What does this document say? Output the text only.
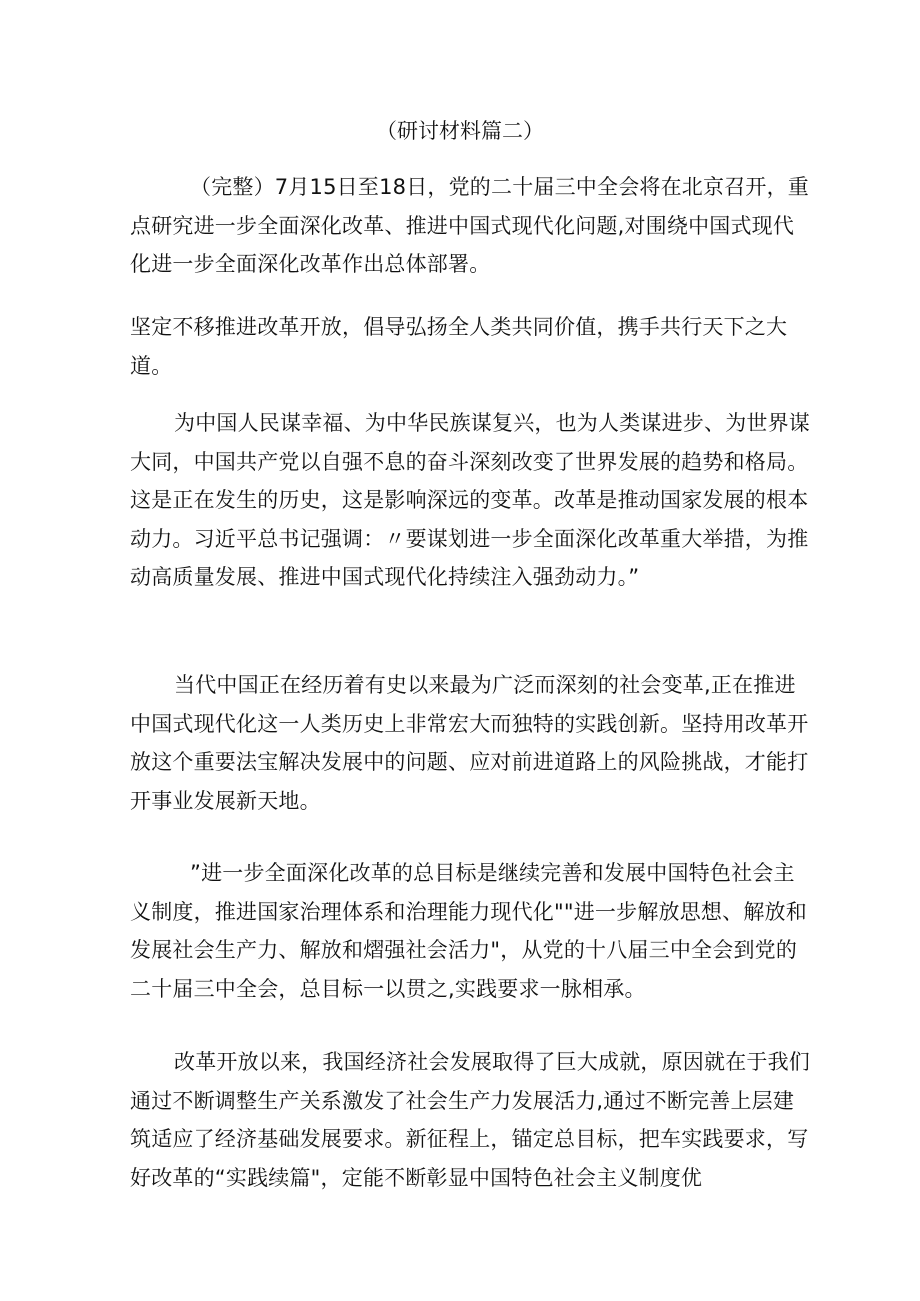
（研讨材料篇二）

（完整）7月15日至18日，党的二十届三中全会将在北京召开，重点研究进一步全面深化改革、推进中国式现代化问题,对围绕中国式现代化进一步全面深化改革作出总体部署。

坚定不移推进改革开放，倡导弘扬全人类共同价值，携手共行天下之大道。

为中国人民谋幸福、为中华民族谋复兴，也为人类谋进步、为世界谋大同，中国共产党以自强不息的奋斗深刻改变了世界发展的趋势和格局。这是正在发生的历史，这是影响深远的变革。改革是推动国家发展的根本动力。习近平总书记强调：〃要谋划进一步全面深化改革重大举措，为推动高质量发展、推进中国式现代化持续注入强劲动力。”

当代中国正在经历着有史以来最为广泛而深刻的社会变革,正在推进中国式现代化这一人类历史上非常宏大而独特的实践创新。坚持用改革开放这个重要法宝解决发展中的问题、应对前进道路上的风险挑战，才能打开事业发展新天地。

”进一步全面深化改革的总目标是继续完善和发展中国特色社会主义制度，推进国家治理体系和治理能力现代化""进一步解放思想、解放和发展社会生产力、解放和熠强社会活力"，从党的十八届三中全会到党的二十届三中全会，总目标一以贯之,实践要求一脉相承。

改革开放以来，我国经济社会发展取得了巨大成就，原因就在于我们通过不断调整生产关系激发了社会生产力发展活力,通过不断完善上层建筑适应了经济基础发展要求。新征程上，锚定总目标，把车实践要求，写好改革的“实践续篇"，定能不断彰显中国特色社会主义制度优
